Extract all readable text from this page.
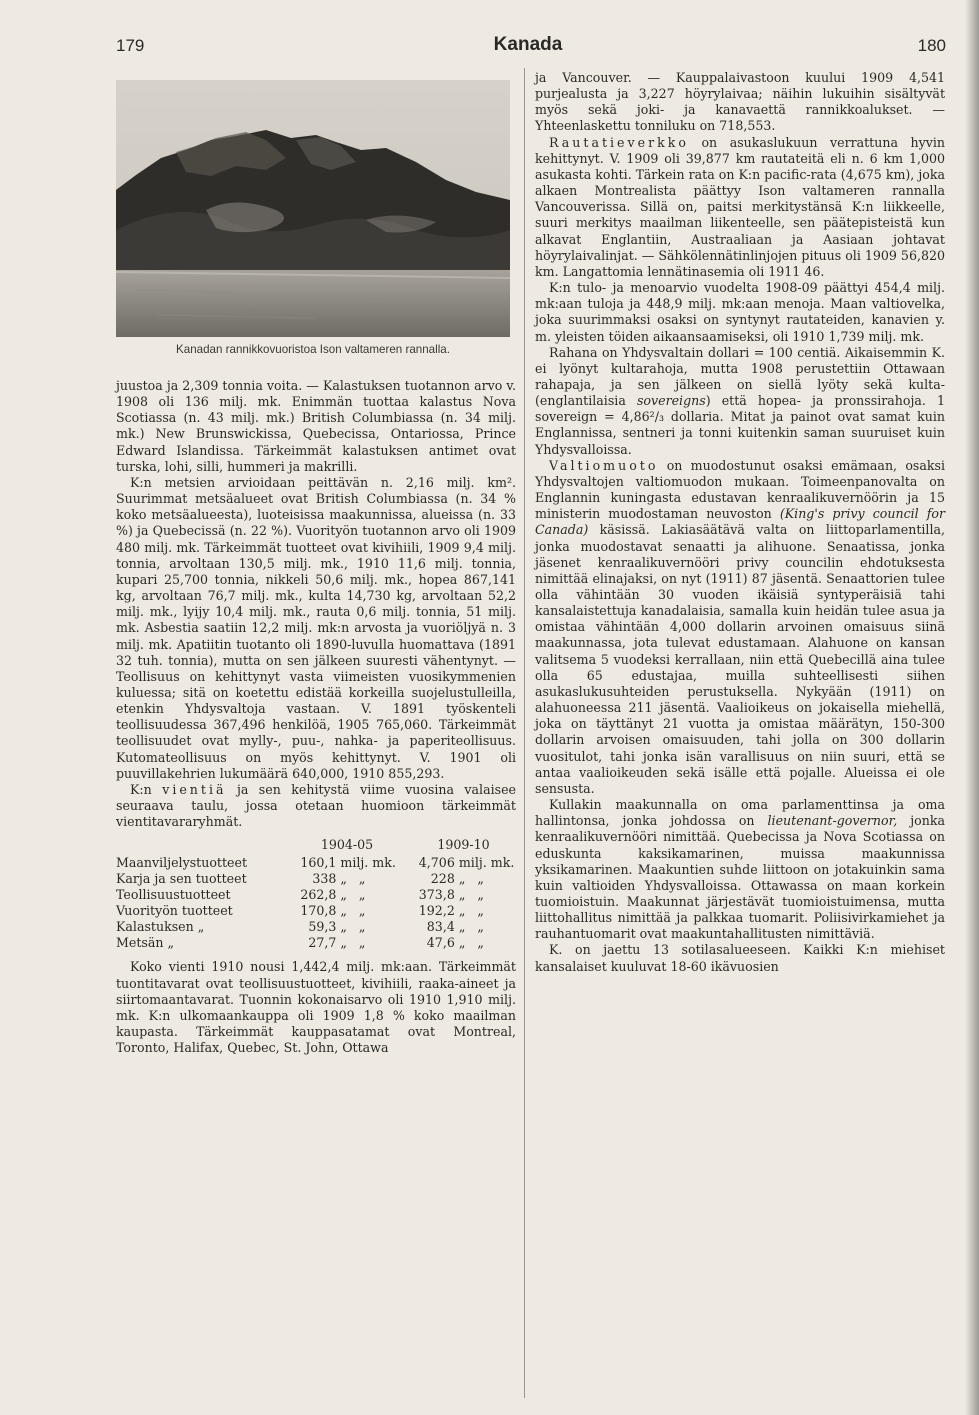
179	Kanada	180
Kanadan rannikkovuoristoa Ison valtameren rannalla.

juustoa ja 2,309 tonnia voita. — Kalastuksen tuotannon arvo v. 1908 oli 136 milj. mk. Enimmän tuottaa kalastus Nova Scotiassa (n. 43 milj. mk.) British Columbiassa (n. 34 milj. mk.) New Brunswickissa, Quebecissa, Ontariossa, Prince Edward Islandissa. Tärkeimmät kalastuksen antimet ovat turska, lohi, silli, hummeri ja makrilli.

K:n metsien arvioidaan peittävän n. 2,16 milj. km². Suurimmat metsäalueet ovat British Columbiassa (n. 34 % koko metsäalueesta), luoteisissa maakunnissa, alueissa (n. 33 %) ja Quebecissä (n. 22 %). Vuorityön tuotannon arvo oli 1909 480 milj. mk. Tärkeimmät tuotteet ovat kivihiili, 1909 9,4 milj. tonnia, arvoltaan 130,5 milj. mk., 1910 11,6 milj. tonnia, kupari 25,700 tonnia, nikkeli 50,6 milj. mk., hopea 867,141 kg, arvoltaan 76,7 milj. mk., kulta 14,730 kg, arvoltaan 52,2 milj. mk., lyijy 10,4 milj. mk., rauta 0,6 milj. tonnia, 51 milj. mk. Asbestia saatiin 12,2 milj. mk:n arvosta ja vuoriöljyä n. 3 milj. mk. Apatiitin tuotanto oli 1890-luvulla huomattava (1891 32 tuh. tonnia), mutta on sen jälkeen suuresti vähentynyt. — Teollisuus on kehittynyt vasta viimeisten vuosikymmenien kuluessa; sitä on koetettu edistää korkeilla suojelustulleilla, etenkin Yhdysvaltoja vastaan. V. 1891 työskenteli teollisuudessa 367,496 henkilöä, 1905 765,060. Tärkeimmät teollisuudet ovat mylly-, puu-, nahka- ja paperiteollisuus. Kutomateollisuus on myös kehittynyt. V. 1901 oli puuvillakehrien lukumäärä 640,000, 1910 855,293.

K:n vientiä ja sen kehitystä viime vuosina valaisee seuraava taulu, jossa otetaan huomioon tärkeimmät vientitavararyhmät.

	1904-05		1909-10	
Maanviljelystuotteet	160,1	milj. mk.	4,706	milj. mk.
Karja ja sen tuotteet	338	„ „	228	„ „
Teollisuustuotteet	262,8	„ „	373,8	„ „
Vuorityön tuotteet	170,8	„ „	192,2	„ „
Kalastuksen „	59,3	„ „	83,4	„ „
Metsän „	27,7	„ „	47,6	„ „

Koko vienti 1910 nousi 1,442,4 milj. mk:aan. Tärkeimmät tuontitavarat ovat teollisuustuotteet, kivihiili, raaka-aineet ja siirtomaantavarat. Tuonnin kokonaisarvo oli 1910 1,910 milj. mk. K:n ulkomaankauppa oli 1909 1,8 % koko maailman kaupasta. Tärkeimmät kauppasatamat ovat Montreal, Toronto, Halifax, Quebec, St. John, Ottawa

ja Vancouver. — Kauppalaivastoon kuului 1909 4,541 purjealusta ja 3,227 höyrylaivaa; näihin lukuihin sisältyvät myös sekä joki- ja kanavaettä rannikkoalukset. — Yhteenlaskettu tonniluku on 718,553.

Rautatieverkko on asukaslukuun verrattuna hyvin kehittynyt. V. 1909 oli 39,877 km rautateitä eli n. 6 km 1,000 asukasta kohti. Tärkein rata on K:n pacific-rata (4,675 km), joka alkaen Montrealista päättyy Ison valtameren rannalla Vancouverissa. Sillä on, paitsi merkitystänsä K:n liikkeelle, suuri merkitys maailman liikenteelle, sen päätepisteistä kun alkavat Englantiin, Austraaliaan ja Aasiaan johtavat höyrylaivalinjat. — Sähkölennätinlinjojen pituus oli 1909 56,820 km. Langattomia lennätinasemia oli 1911 46.

K:n tulo- ja menoarvio vuodelta 1908-09 päättyi 454,4 milj. mk:aan tuloja ja 448,9 milj. mk:aan menoja. Maan valtiovelka, joka suurimmaksi osaksi on syntynyt rautateiden, kanavien y. m. yleisten töiden aikaansaamiseksi, oli 1910 1,739 milj. mk.

Rahana on Yhdysvaltain dollari = 100 centiä. Aikaisemmin K. ei lyönyt kultarahoja, mutta 1908 perustettiin Ottawaan rahapaja, ja sen jälkeen on siellä lyöty sekä kulta- (englantilaisia sovereigns) että hopea- ja pronssirahoja. 1 sovereign = 4,86²/₃ dollaria. Mitat ja painot ovat samat kuin Englannissa, sentneri ja tonni kuitenkin saman suuruiset kuin Yhdysvalloissa.

Valtiomuoto on muodostunut osaksi emämaan, osaksi Yhdysvaltojen valtiomuodon mukaan. Toimeenpanovalta on Englannin kuningasta edustavan kenraalikuvernöörin ja 15 ministerin muodostaman neuvoston (King's privy council for Canada) käsissä. Lakiasäätävä valta on liittoparlamentilla, jonka muodostavat senaatti ja alihuone. Senaatissa, jonka jäsenet kenraalikuvernööri privy councilin ehdotuksesta nimittää elinajaksi, on nyt (1911) 87 jäsentä. Senaattorien tulee olla vähintään 30 vuoden ikäisiä syntyperäisiä tahi kansalaistettuja kanadalaisia, samalla kuin heidän tulee asua ja omistaa vähintään 4,000 dollarin arvoinen omaisuus siinä maakunnassa, jota tulevat edustamaan. Alahuone on kansan valitsema 5 vuodeksi kerrallaan, niin että Quebecillä aina tulee olla 65 edustajaa, muilla suhteellisesti siihen asukaslukusuhteiden perustuksella. Nykyään (1911) on alahuoneessa 211 jäsentä. Vaalioikeus on jokaisella miehellä, joka on täyttänyt 21 vuotta ja omistaa määrätyn, 150-300 dollarin arvoisen omaisuuden, tahi jolla on 300 dollarin vuositulot, tahi jonka isän varallisuus on niin suuri, että se antaa vaalioikeuden sekä isälle että pojalle. Alueissa ei ole sensusta.

Kullakin maakunnalla on oma parlamenttinsa ja oma hallintonsa, jonka johdossa on lieutenant-governor, jonka kenraalikuvernööri nimittää. Quebecissa ja Nova Scotiassa on eduskunta kaksikamarinen, muissa maakunnissa yksikamarinen. Maakuntien suhde liittoon on jotakuinkin sama kuin valtioiden Yhdysvalloissa. Ottawassa on maan korkein tuomioistuin. Maakunnat järjestävät tuomioistuimensa, mutta liittohallitus nimittää ja palkkaa tuomarit. Poliisivirkamiehet ja rauhantuomarit ovat maakuntahallitusten nimittäviä.

K. on jaettu 13 sotilasalueeseen. Kaikki K:n miehiset kansalaiset kuuluvat 18-60 ikävuosien
